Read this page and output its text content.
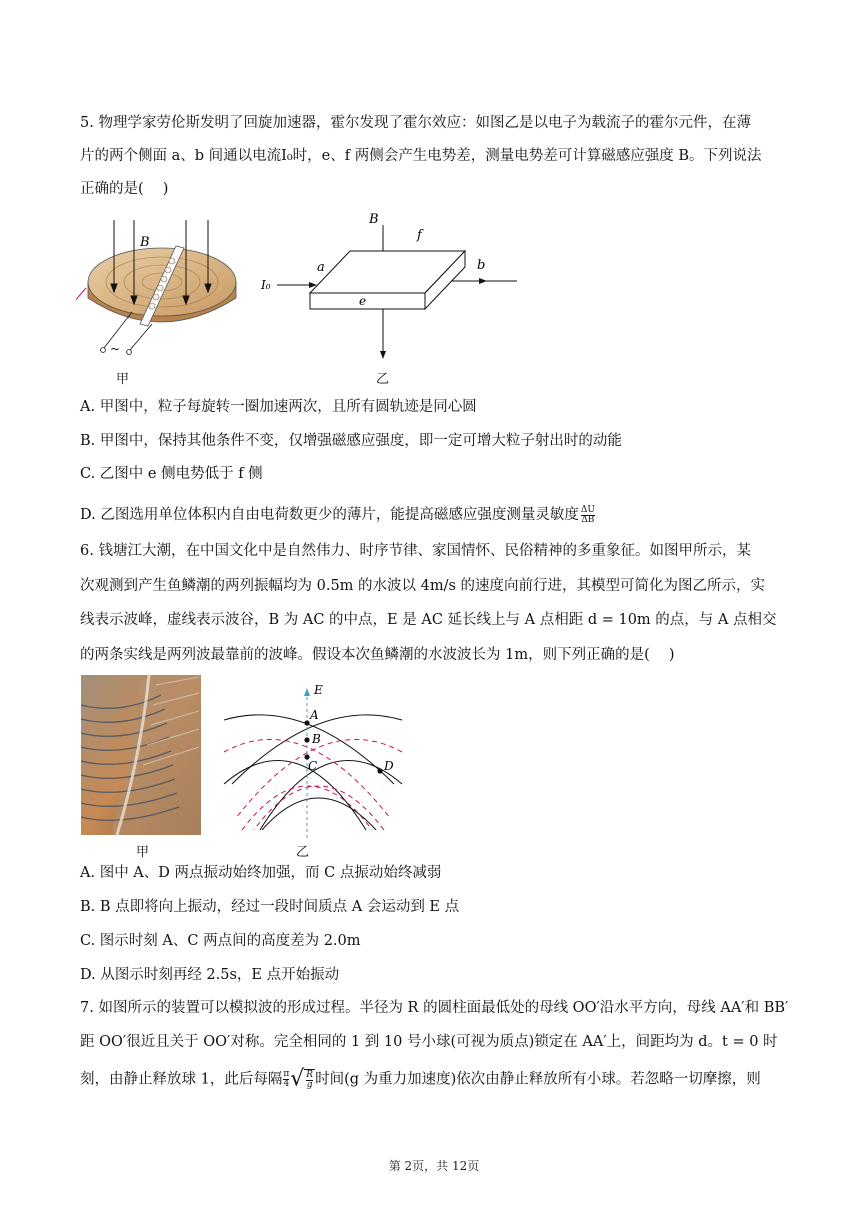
5. 物理学家劳伦斯发明了回旋加速器，霍尔发现了霍尔效应：如图乙是以电子为载流子的霍尔元件，在薄
片的两个侧面 a、b 间通以电流I₀时，e、f 两侧会产生电势差，测量电势差可计算磁感应强度 B。下列说法
正确的是(　 )
B
~
甲
B
f
I₀
a	b
e
乙
A. 甲图中，粒子每旋转一圈加速两次，且所有圆轨迹是同心圆
B. 甲图中，保持其他条件不变，仅增强磁感应强度，即一定可增大粒子射出时的动能
C. 乙图中 e 侧电势低于 f 侧
D. 乙图选用单位体积内自由电荷数更少的薄片，能提高磁感应强度测量灵敏度 $\frac{\Delta U}{\Delta B}$
6. 钱塘江大潮，在中国文化中是自然伟力、时序节律、家国情怀、民俗精神的多重象征。如图甲所示，某
次观测到产生鱼鳞潮的两列振幅均为 0.5m 的水波以 4m/s 的速度向前行进，其模型可简化为图乙所示，实
线表示波峰，虚线表示波谷，B 为 AC 的中点，E 是 AC 延长线上与 A 点相距 d = 10m 的点，与 A 点相交
的两条实线是两列波最靠前的波峰。假设本次鱼鳞潮的水波波长为 1m，则下列正确的是(　 )
甲
E
A
B
C	D
乙
A. 图中 A、D 两点振动始终加强，而 C 点振动始终减弱
B. B 点即将向上振动，经过一段时间质点 A 会运动到 E 点
C. 图示时刻 A、C 两点间的高度差为 2.0m
D. 从图示时刻再经 2.5s，E 点开始振动
7. 如图所示的装置可以模拟波的形成过程。半径为 R 的圆柱面最低处的母线 OO′沿水平方向，母线 AA′和 BB′
距 OO′很近且关于 OO′对称。完全相同的 1 到 10 号小球(可视为质点)锁定在 AA′上，间距均为 d。t = 0 时
刻，由静止释放球 1，此后每隔 $\frac{\pi}{4}$ √ $\frac{R}{g}$ 时间(g 为重力加速度)依次由静止释放所有小球。若忽略一切摩擦，则
第 2页，共 12页
